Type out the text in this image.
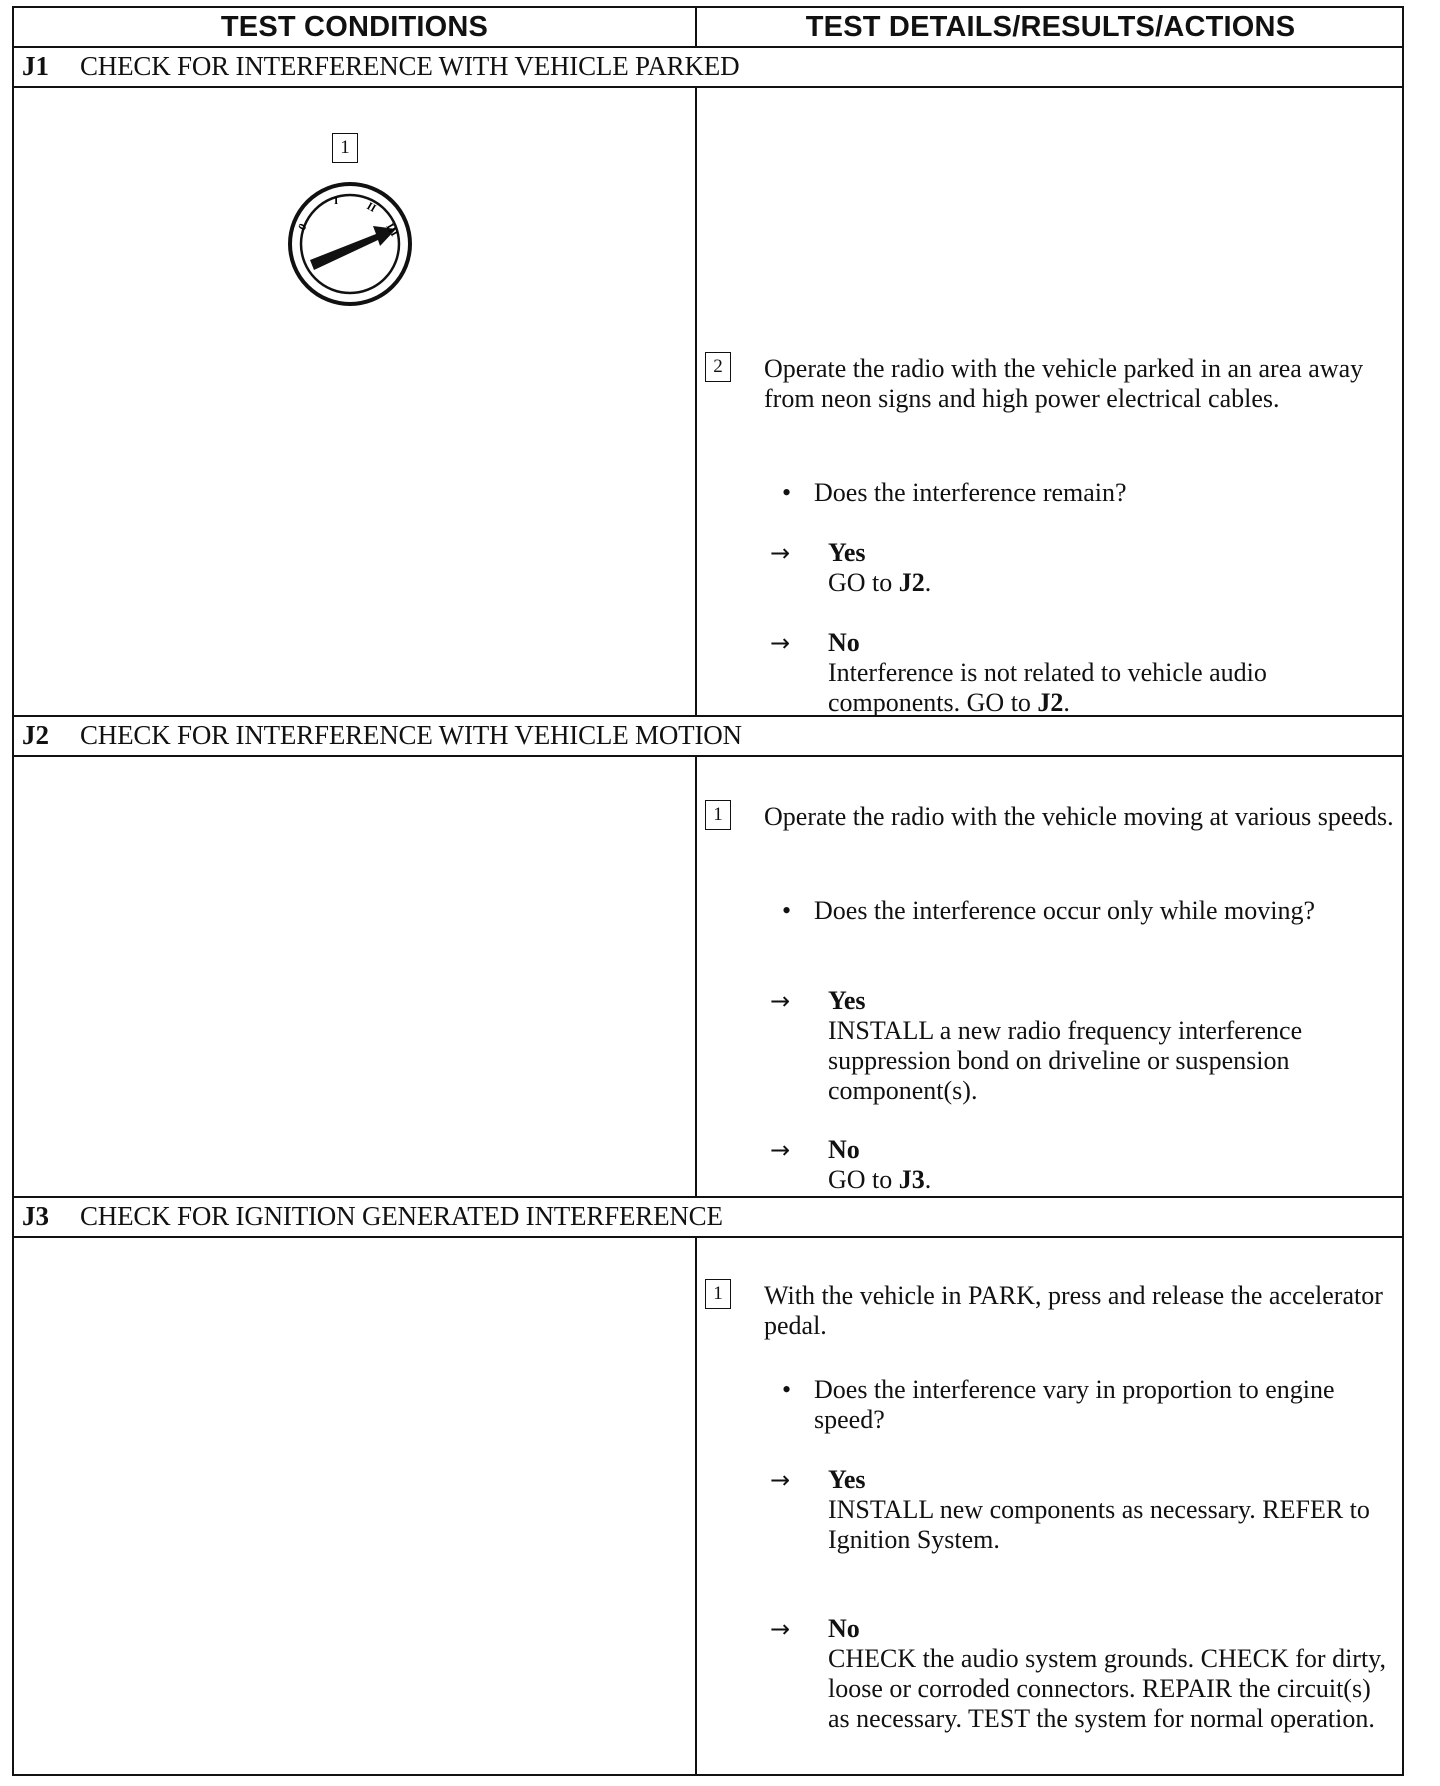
TEST CONDITIONS	TEST DETAILS/RESULTS/ACTIONS
J1	CHECK FOR INTERFERENCE WITH VEHICLE PARKED
1
0
I II
III
2	Operate the radio with the vehicle parked in an area away from neon signs and high power electrical cables.
• Does the interference remain?
→ Yes
GO to J2.
→ No
Interference is not related to vehicle audio components. GO to J2.
J2	CHECK FOR INTERFERENCE WITH VEHICLE MOTION
1	Operate the radio with the vehicle moving at various speeds.
• Does the interference occur only while moving?
→ Yes
INSTALL a new radio frequency interference suppression bond on driveline or suspension component(s).
→ No
GO to J3.
J3	CHECK FOR IGNITION GENERATED INTERFERENCE
1	With the vehicle in PARK, press and release the accelerator pedal.
• Does the interference vary in proportion to engine speed?
→ Yes
INSTALL new components as necessary. REFER to Ignition System.
→ No
CHECK the audio system grounds. CHECK for dirty, loose or corroded connectors. REPAIR the circuit(s) as necessary. TEST the system for normal operation.
